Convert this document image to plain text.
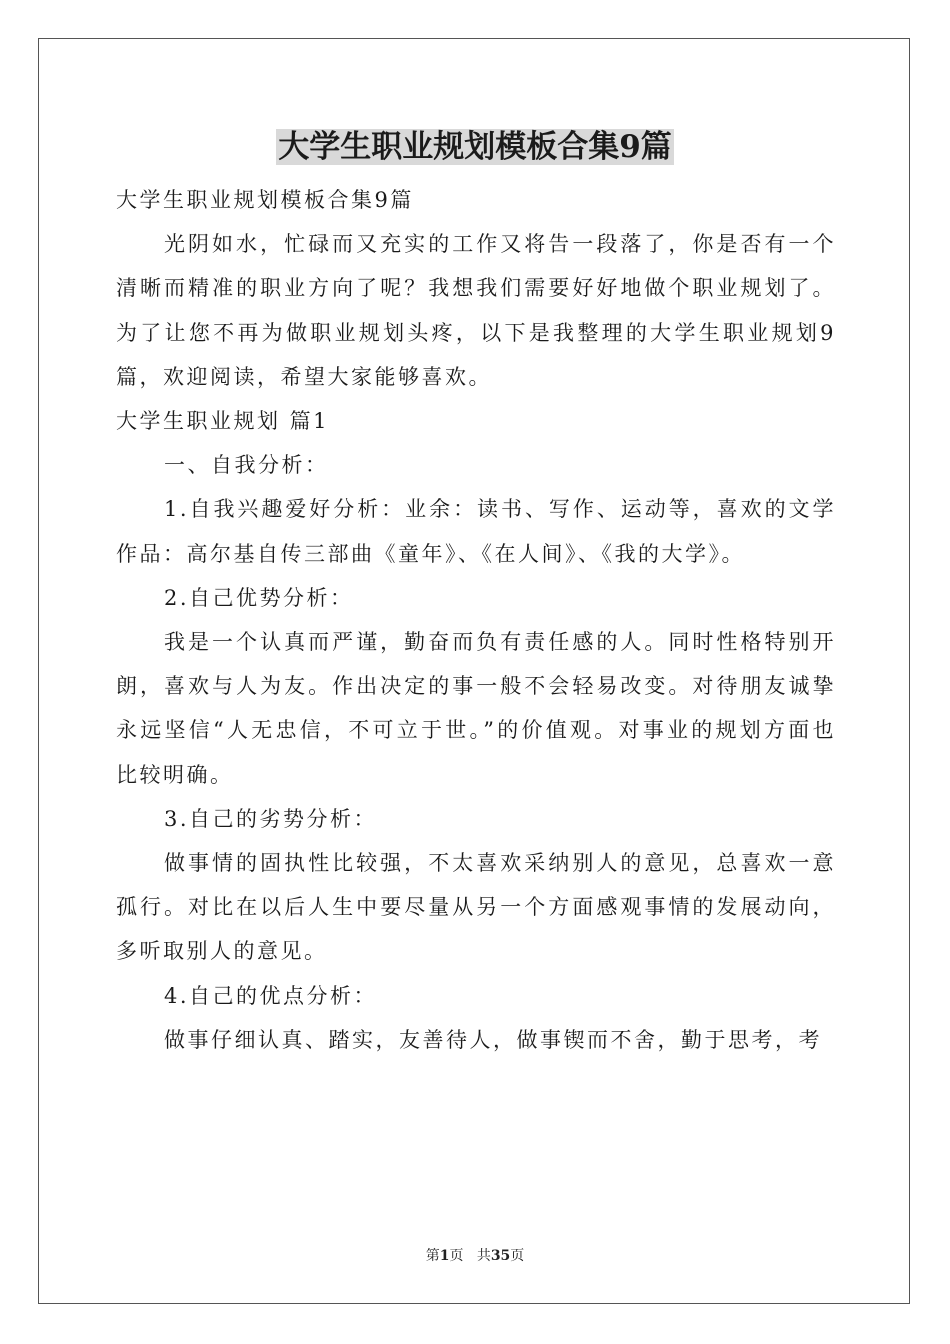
大学生职业规划模板合集9篇

大学生职业规划模板合集9篇

光阴如水，忙碌而又充实的工作又将告一段落了，你是否有一个清晰而精准的职业方向了呢？我想我们需要好好地做个职业规划了。为了让您不再为做职业规划头疼，以下是我整理的大学生职业规划9篇，欢迎阅读，希望大家能够喜欢。

大学生职业规划 篇1

一、自我分析：

1.自我兴趣爱好分析：业余：读书、写作、运动等，喜欢的文学作品：高尔基自传三部曲《童年》、《在人间》、《我的大学》。

2.自己优势分析：

我是一个认真而严谨，勤奋而负有责任感的人。同时性格特别开朗，喜欢与人为友。作出决定的事一般不会轻易改变。对待朋友诚挚永远坚信“人无忠信，不可立于世。”的价值观。对事业的规划方面也比较明确。

3.自己的劣势分析：

做事情的固执性比较强，不太喜欢采纳别人的意见，总喜欢一意孤行。对比在以后人生中要尽量从另一个方面感观事情的发展动向，多听取别人的意见。

4.自己的优点分析：

做事仔细认真、踏实，友善待人，做事锲而不舍，勤于思考，考

第1页 共35页
